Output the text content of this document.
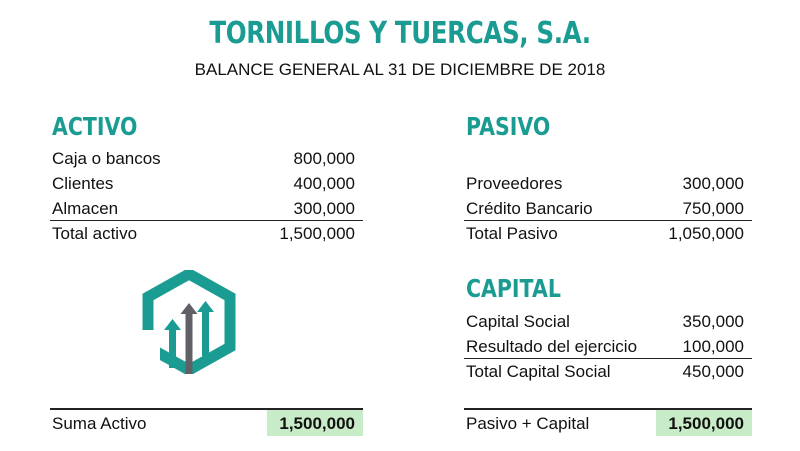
TORNILLOS Y TUERCAS, S.A.
BALANCE GENERAL AL 31 DE DICIEMBRE DE 2018
ACTIVO
Caja o bancos	800,000
Clientes	400,000
Almacen	300,000
Total activo	1,500,000
Suma Activo	1,500,000
PASIVO
Proveedores	300,000
Crédito Bancario	750,000
Total Pasivo	1,050,000
CAPITAL
Capital Social	350,000
Resultado del ejercicio	100,000
Total Capital Social	450,000
Pasivo + Capital	1,500,000
